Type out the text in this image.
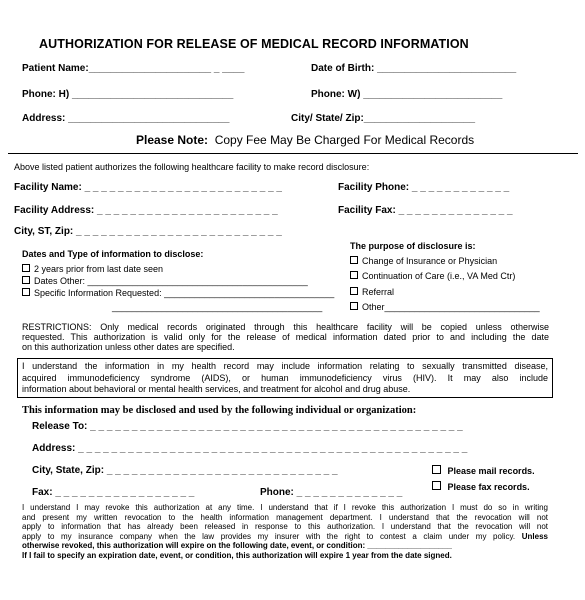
AUTHORIZATION FOR RELEASE OF MEDICAL RECORD INFORMATION
Patient Name:______________________ _ ____	Date of Birth: _________________________
Phone: H) _____________________________	Phone: W) _________________________
Address: _____________________________	City/ State/ Zip:____________________
Please Note: Copy Fee May Be Charged For Medical Records
Above listed patient authorizes the following healthcare facility to make record disclosure:
Facility Name: _ _ _ _ _ _ _ _ _ _ _ _ _ _ _ _ _ _ _ _ _ _ _ _	Facility Phone: _ _ _ _ _ _ _ _ _ _ _ _
Facility Address: _ _ _ _ _ _ _ _ _ _ _ _ _ _ _ _ _ _ _ _ _ _	Facility Fax: _ _ _ _ _ _ _ _ _ _ _ _ _ _
City, ST, Zip: _ _ _ _ _ _ _ _ _ _ _ _ _ _ _ _ _ _ _ _ _ _ _ _ _
Dates and Type of information to disclose:
2 years prior from last date seen
Dates Other: ____________________________________________
Specific Information Requested: __________________________________
__________________________________________
The purpose of disclosure is:
Change of Insurance or Physician
Continuation of Care (i.e., VA Med Ctr)
Referral
Other_______________________________
RESTRICTIONS: Only medical records originated through this healthcare facility will be copied unless otherwise
requested. This authorization is valid only for the release of medical information dated prior to and including the date
on this authorization unless other dates are specified.
I understand the information in my health record may include information relating to sexually transmitted disease,
acquired immunodeficiency syndrome (AIDS), or human immunodeficiency virus (HIV). It may also include
information about behavioral or mental health services, and treatment for alcohol and drug abuse.
This information may be disclosed and used by the following individual or organization:
Release To: _ _ _ _ _ _ _ _ _ _ _ _ _ _ _ _ _ _ _ _ _ _ _ _ _ _ _ _ _ _ _ _ _ _ _ _ _ _ _ _ _ _ _ _ _
Address: _ _ _ _ _ _ _ _ _ _ _ _ _ _ _ _ _ _ _ _ _ _ _ _ _ _ _ _ _ _ _ _ _ _ _ _ _ _ _ _ _ _ _ _ _ _ _
City, State, Zip: _ _ _ _ _ _ _ _ _ _ _ _ _ _ _ _ _ _ _ _ _ _ _ _ _ _ _ _	Please mail records.
Fax: _ _ _ _ _ _ _ _ _ _ _ _ _ _ _ _ _	Phone: _ _ _ _ _ _ _ _ _ _ _ _ _	Please fax records.
I understand I may revoke this authorization at any time. I understand that if I revoke this authorization I must do so in writing
and present my written revocation to the health information management department. I understand that the revocation will not
apply to information that has already been released in response to this authorization. I understand that the revocation will not
apply to my insurance company when the law provides my insurer with the right to contest a claim under my policy. Unless
otherwise revoked, this authorization will expire on the following date, event, or condition: ___________________
If I fail to specify an expiration date, event, or condition, this authorization will expire 1 year from the date signed.
